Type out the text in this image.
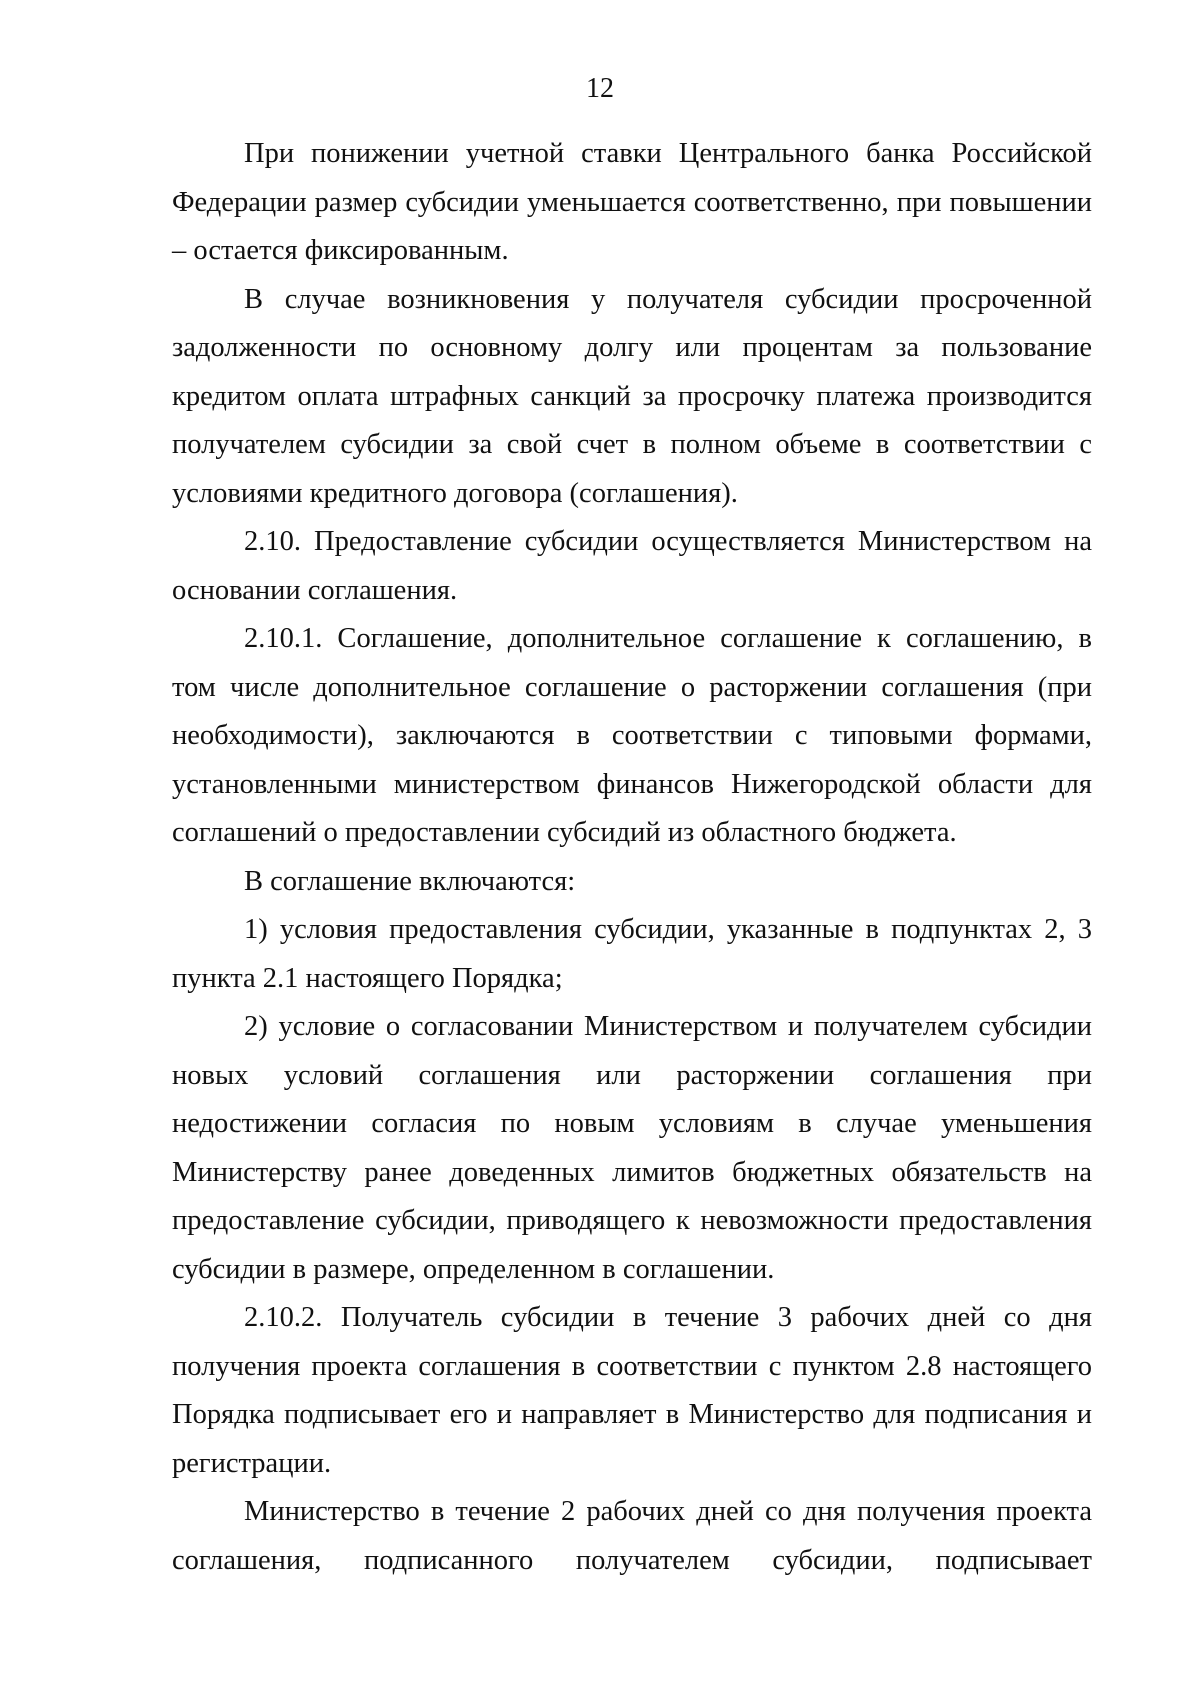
12

При понижении учетной ставки Центрального банка Российской Федерации размер субсидии уменьшается соответственно, при повышении – остается фиксированным.

В случае возникновения у получателя субсидии просроченной задолженности по основному долгу или процентам за пользование кредитом оплата штрафных санкций за просрочку платежа производится получателем субсидии за свой счет в полном объеме в соответствии с условиями кредитного договора (соглашения).

2.10. Предоставление субсидии осуществляется Министерством на основании соглашения.

2.10.1. Соглашение, дополнительное соглашение к соглашению, в том числе дополнительное соглашение о расторжении соглашения (при необходимости), заключаются в соответствии с типовыми формами, установленными министерством финансов Нижегородской области для соглашений о предоставлении субсидий из областного бюджета.

В соглашение включаются:

1) условия предоставления субсидии, указанные в подпунктах 2, 3 пункта 2.1 настоящего Порядка;

2) условие о согласовании Министерством и получателем субсидии новых условий соглашения или расторжении соглашения при недостижении согласия по новым условиям в случае уменьшения Министерству ранее доведенных лимитов бюджетных обязательств на предоставление субсидии, приводящего к невозможности предоставления субсидии в размере, определенном в соглашении.

2.10.2. Получатель субсидии в течение 3 рабочих дней со дня получения проекта соглашения в соответствии с пунктом 2.8 настоящего Порядка подписывает его и направляет в Министерство для подписания и регистрации.

Министерство в течение 2 рабочих дней со дня получения проекта соглашения, подписанного получателем субсидии, подписывает
